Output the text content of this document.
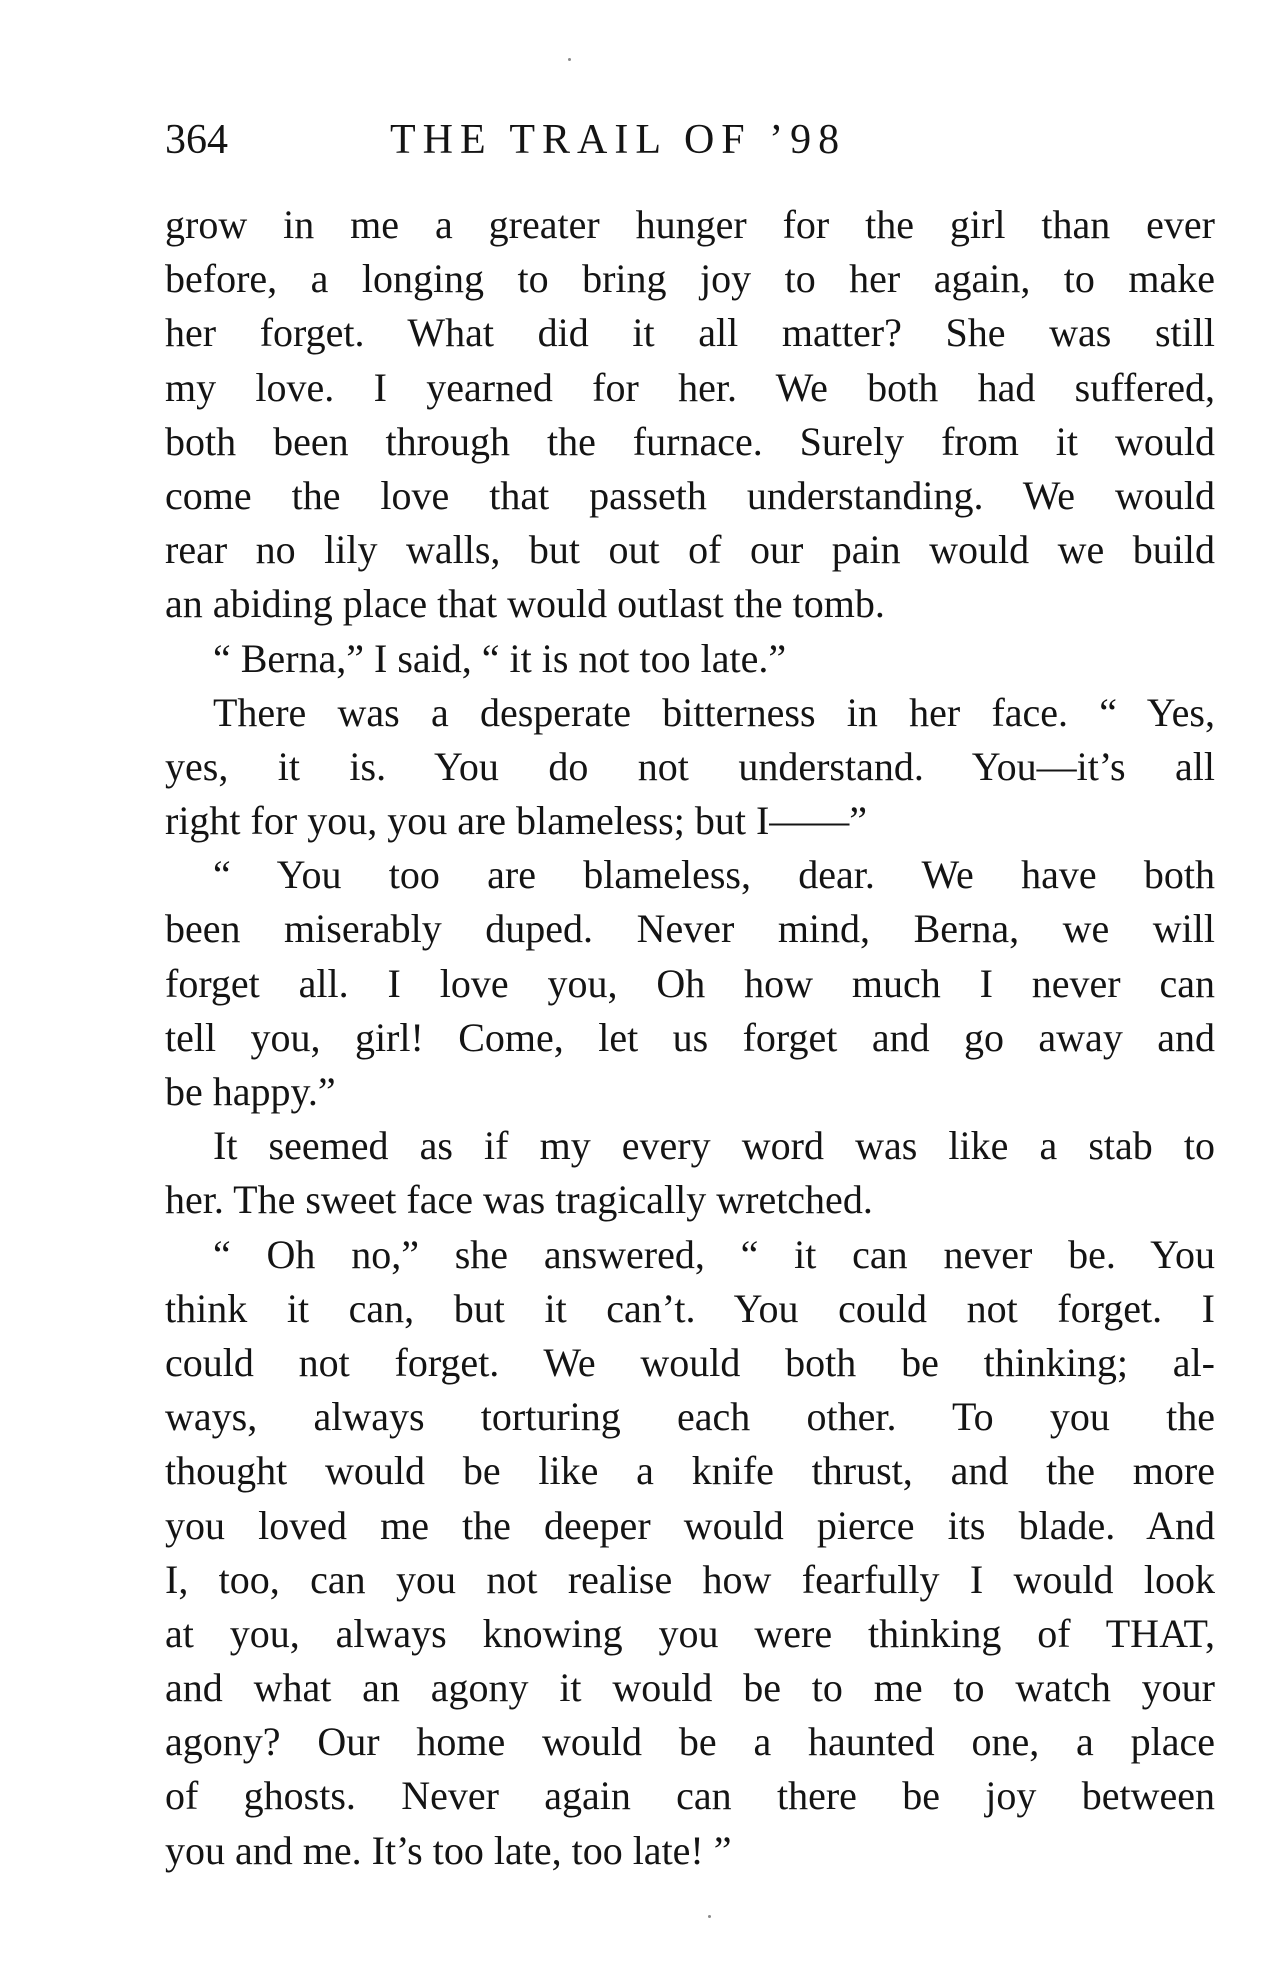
364	THE TRAIL OF ’98
grow in me a greater hunger for the girl than ever
before, a longing to bring joy to her again, to make
her forget. What did it all matter? She was still
my love. I yearned for her. We both had suffered,
both been through the furnace. Surely from it would
come the love that passeth understanding. We would
rear no lily walls, but out of our pain would we build
an abiding place that would outlast the tomb.
“ Berna,” I said, “ it is not too late.”
There was a desperate bitterness in her face. “ Yes,
yes, it is. You do not understand. You—it’s all
right for you, you are blameless; but I——”
“ You too are blameless, dear. We have both
been miserably duped. Never mind, Berna, we will
forget all. I love you, Oh how much I never can
tell you, girl! Come, let us forget and go away and
be happy.”
It seemed as if my every word was like a stab to
her. The sweet face was tragically wretched.
“ Oh no,” she answered, “ it can never be. You
think it can, but it can’t. You could not forget. I
could not forget. We would both be thinking; al-
ways, always torturing each other. To you the
thought would be like a knife thrust, and the more
you loved me the deeper would pierce its blade. And
I, too, can you not realise how fearfully I would look
at you, always knowing you were thinking of THAT,
and what an agony it would be to me to watch your
agony? Our home would be a haunted one, a place
of ghosts. Never again can there be joy between
you and me. It’s too late, too late! ”
